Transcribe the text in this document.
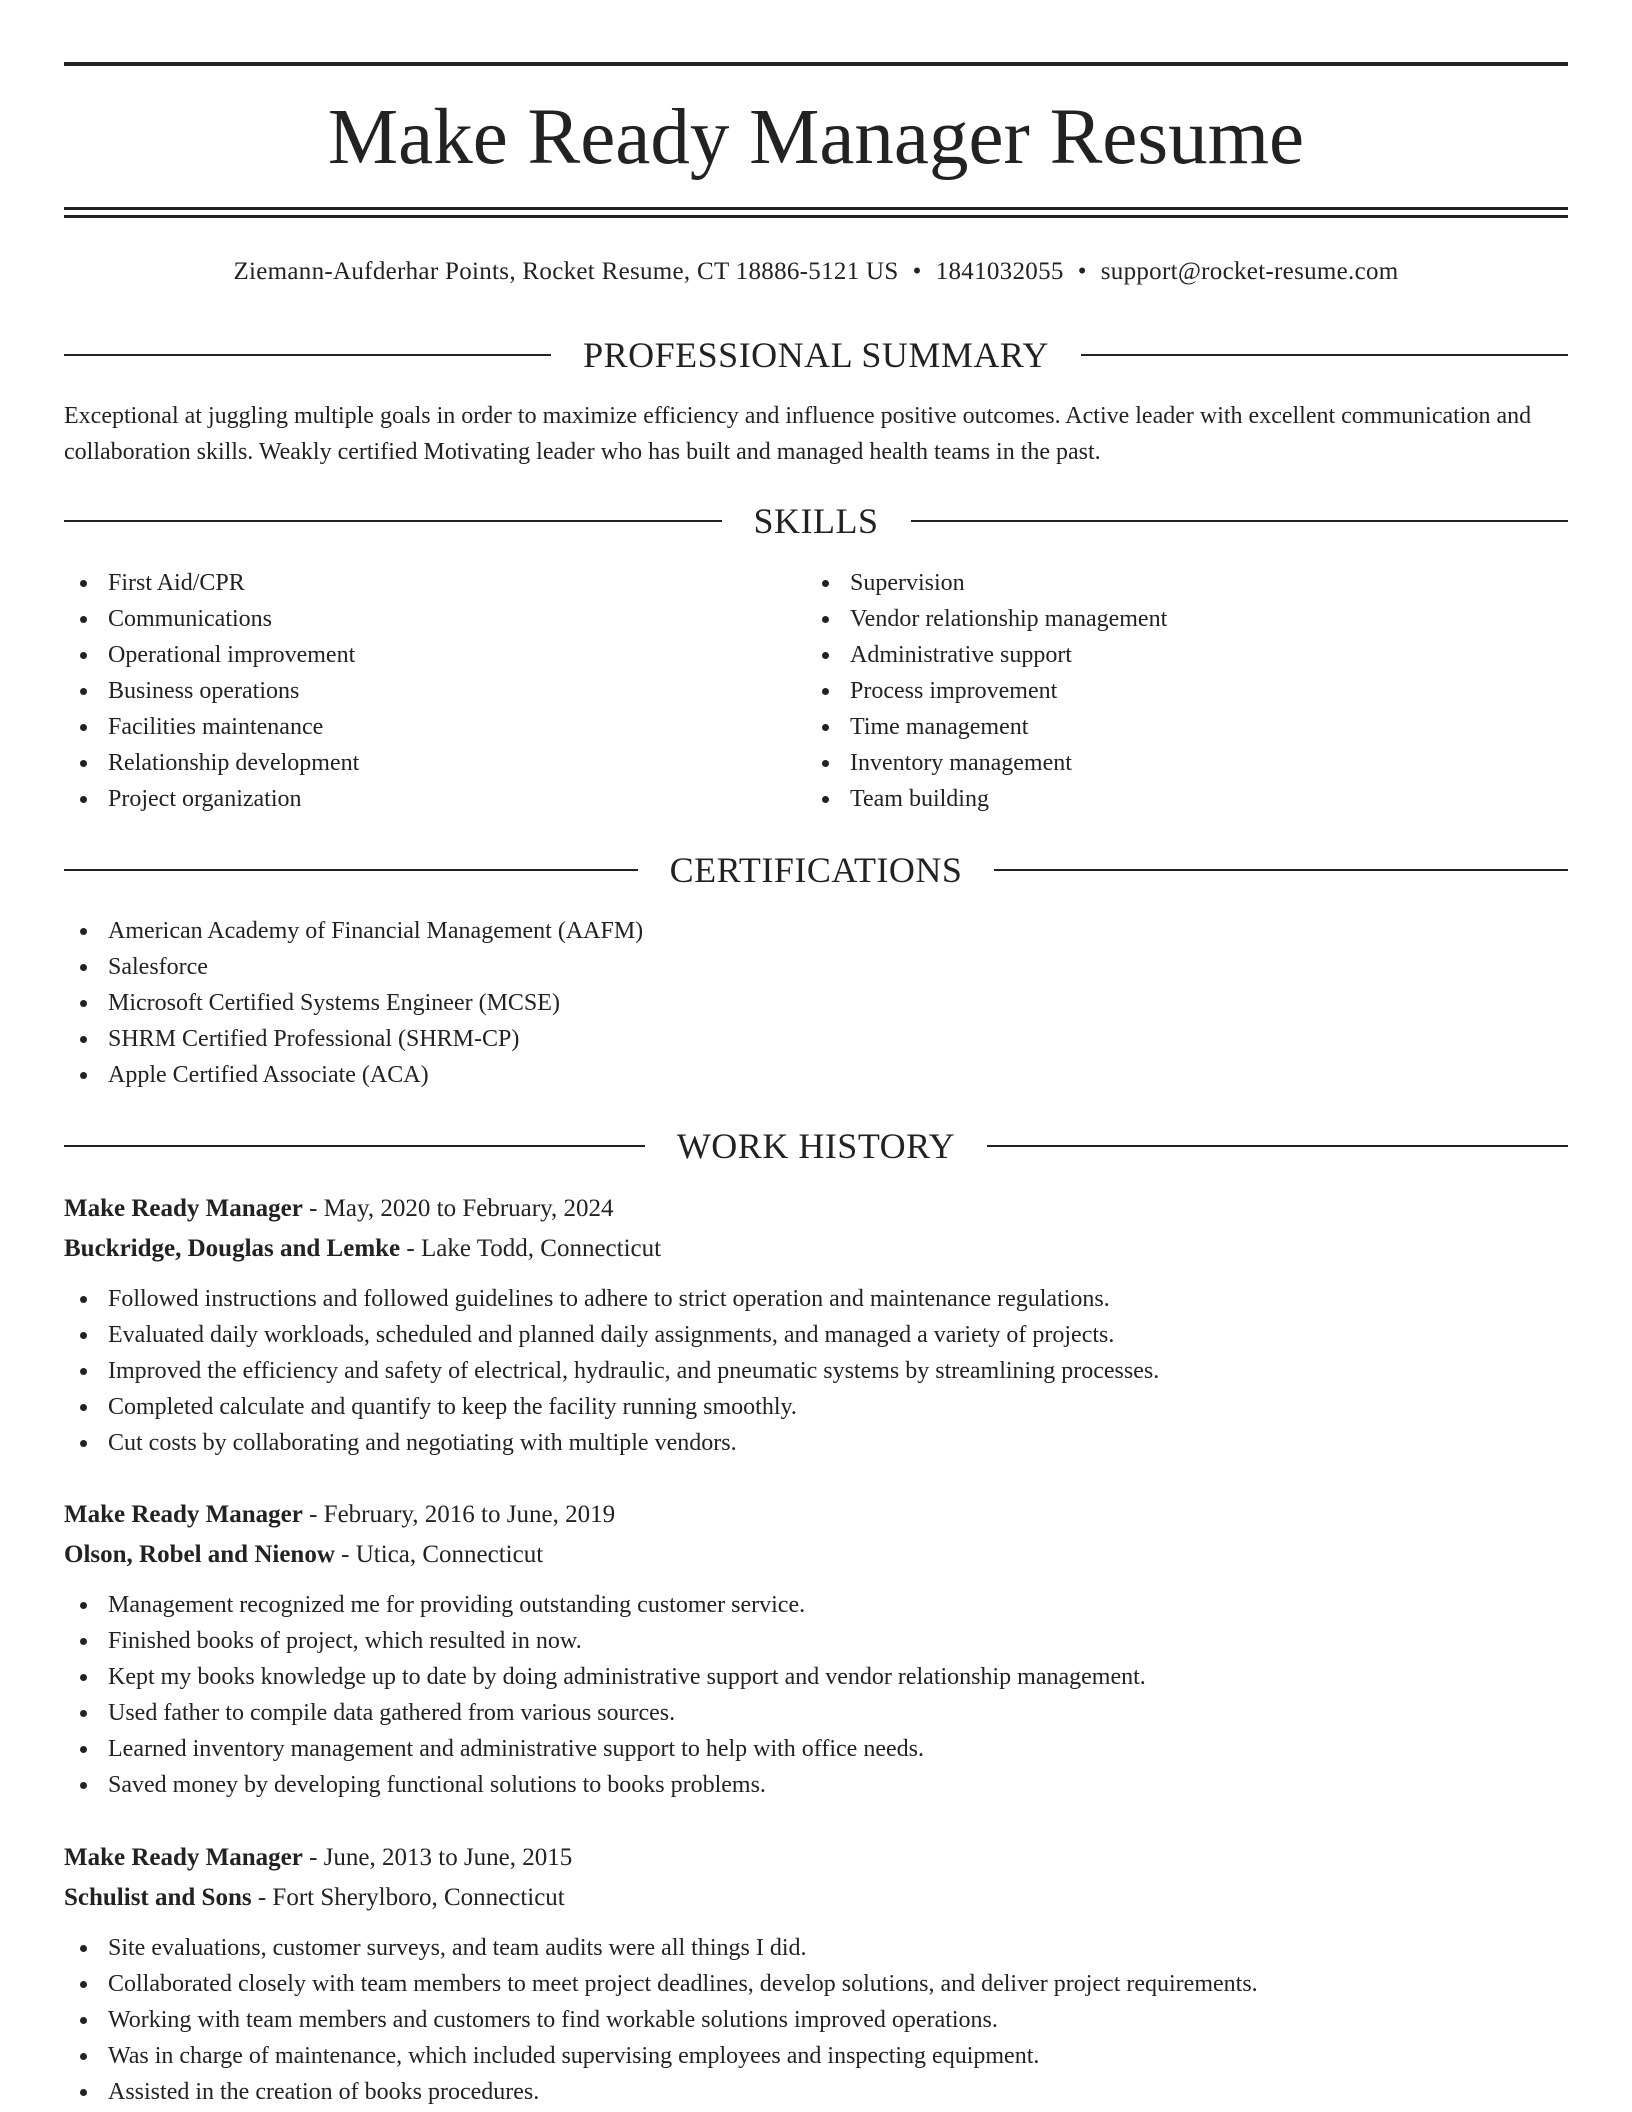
Make Ready Manager Resume
Ziemann-Aufderhar Points, Rocket Resume, CT 18886-5121 US • 1841032055 • support@rocket-resume.com
PROFESSIONAL SUMMARY

Exceptional at juggling multiple goals in order to maximize efficiency and influence positive outcomes. Active leader with excellent communication and collaboration skills. Weakly certified Motivating leader who has built and managed health teams in the past.

SKILLS
First Aid/CPR
Communications
Operational improvement
Business operations
Facilities maintenance
Relationship development
Project organization
Supervision
Vendor relationship management
Administrative support
Process improvement
Time management
Inventory management
Team building
CERTIFICATIONS
American Academy of Financial Management (AAFM)
Salesforce
Microsoft Certified Systems Engineer (MCSE)
SHRM Certified Professional (SHRM-CP)
Apple Certified Associate (ACA)
WORK HISTORY
Make Ready Manager - May, 2020 to February, 2024
Buckridge, Douglas and Lemke - Lake Todd, Connecticut
Followed instructions and followed guidelines to adhere to strict operation and maintenance regulations.
Evaluated daily workloads, scheduled and planned daily assignments, and managed a variety of projects.
Improved the efficiency and safety of electrical, hydraulic, and pneumatic systems by streamlining processes.
Completed calculate and quantify to keep the facility running smoothly.
Cut costs by collaborating and negotiating with multiple vendors.
Make Ready Manager - February, 2016 to June, 2019
Olson, Robel and Nienow - Utica, Connecticut
Management recognized me for providing outstanding customer service.
Finished books of project, which resulted in now.
Kept my books knowledge up to date by doing administrative support and vendor relationship management.
Used father to compile data gathered from various sources.
Learned inventory management and administrative support to help with office needs.
Saved money by developing functional solutions to books problems.
Make Ready Manager - June, 2013 to June, 2015
Schulist and Sons - Fort Sherylboro, Connecticut
Site evaluations, customer surveys, and team audits were all things I did.
Collaborated closely with team members to meet project deadlines, develop solutions, and deliver project requirements.
Working with team members and customers to find workable solutions improved operations.
Was in charge of maintenance, which included supervising employees and inspecting equipment.
Assisted in the creation of books procedures.
